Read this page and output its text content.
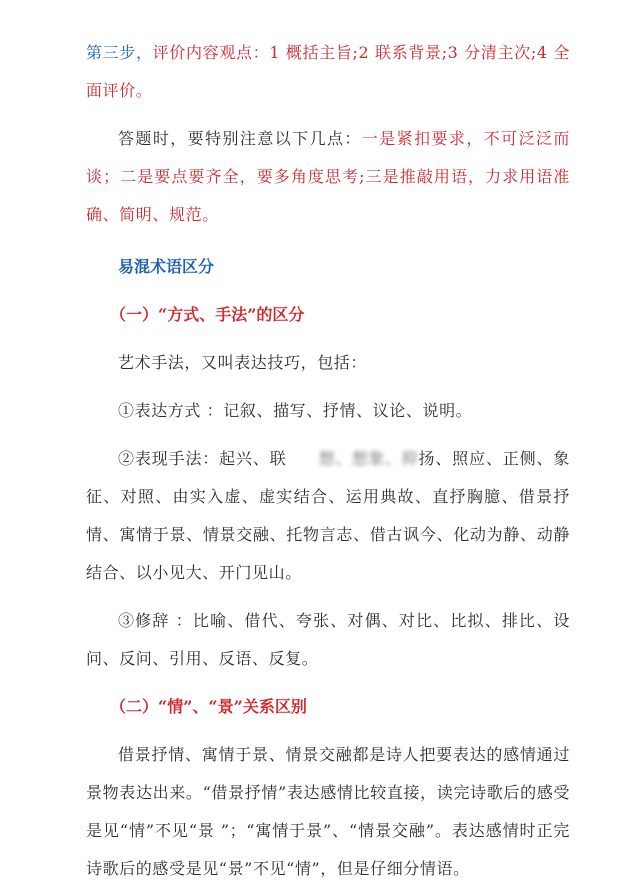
第三步，评价内容观点：1 概括主旨;2 联系背景;3 分清主次;4 全面评价。

答题时，要特别注意以下几点：一是紧扣要求，不可泛泛而谈；二是要点要齐全，要多角度思考;三是推敲用语，力求用语准确、简明、规范。

易混术语区分

（一）“方式、手法”的区分

艺术手法，又叫表达技巧，包括：

①表达方式 ：记叙、描写、抒情、议论、说明。

②表现手法：起兴、联 想、想象、抑扬、照应、正侧、象征、对照、由实入虚、虚实结合、运用典故、直抒胸臆、借景抒情、寓情于景、情景交融、托物言志、借古讽今、化动为静、动静结合、以小见大、开门见山。

③修辞 ：比喻、借代、夸张、对偶、对比、比拟、排比、设问、反问、引用、反语、反复。

（二）“情”、“景”关系区别

借景抒情、寓情于景、情景交融都是诗人把要表达的感情通过景物表达出来。“借景抒情”表达感情比较直接，读完诗歌后的感受是见“情”不见“景 ”；“寓情于景”、“情景交融”。表达感情时正完诗歌后的感受是见“景”不见“情”，但是仔细分情语。
